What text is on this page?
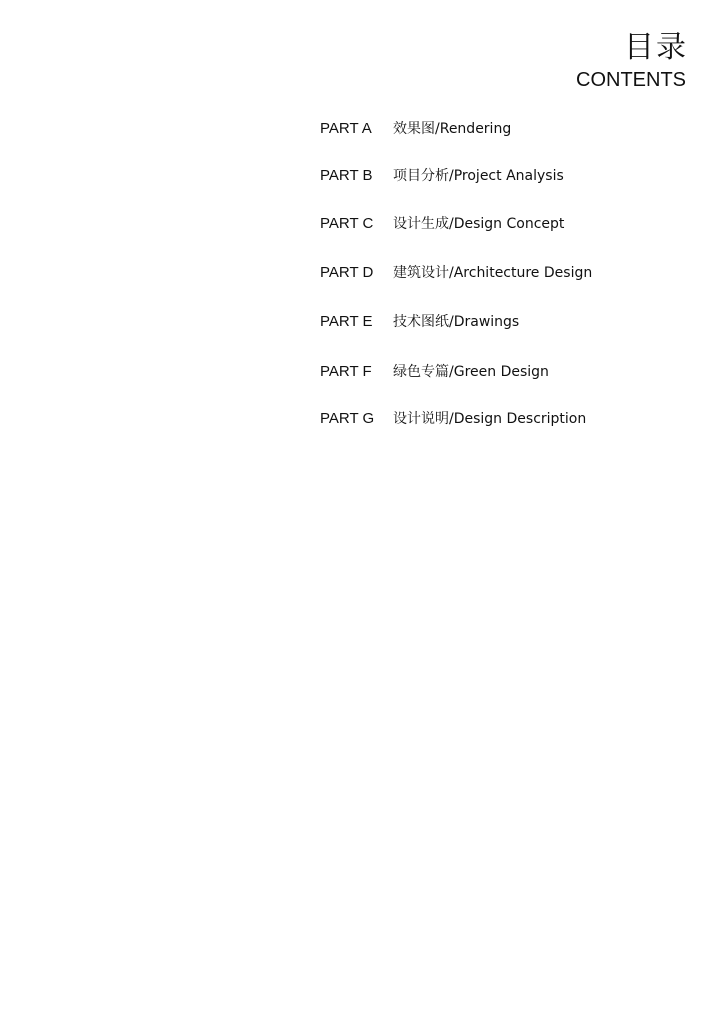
目录
CONTENTS
PART A 效果图/Rendering
PART B 项目分析/Project Analysis
PART C 设计生成/Design Concept
PART D 建筑设计/Architecture Design
PART E 技术图纸/Drawings
PART F 绿色专篇/Green Design
PART G 设计说明/Design Description
